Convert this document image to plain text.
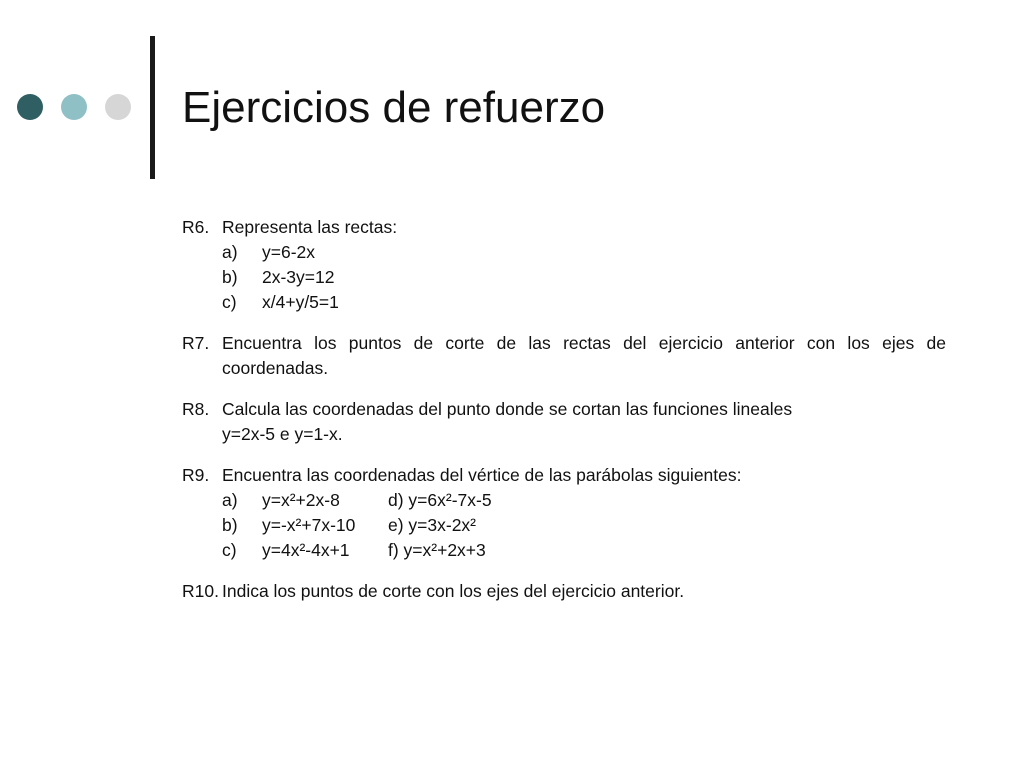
Ejercicios de refuerzo
R6. Representa las rectas:
a) y=6-2x
b) 2x-3y=12
c) x/4+y/5=1
R7. Encuentra los puntos de corte de las rectas del ejercicio anterior con los ejes de coordenadas.
R8. Calcula las coordenadas del punto donde se cortan las funciones lineales
y=2x-5 e y=1-x.
R9. Encuentra las coordenadas del vértice de las parábolas siguientes:
a) y=x²+2x-8	d) y=6x²-7x-5
b) y=-x²+7x-10	e) y=3x-2x²
c) y=4x²-4x+1	f) y=x²+2x+3
R10. Indica los puntos de corte con los ejes del ejercicio anterior.
